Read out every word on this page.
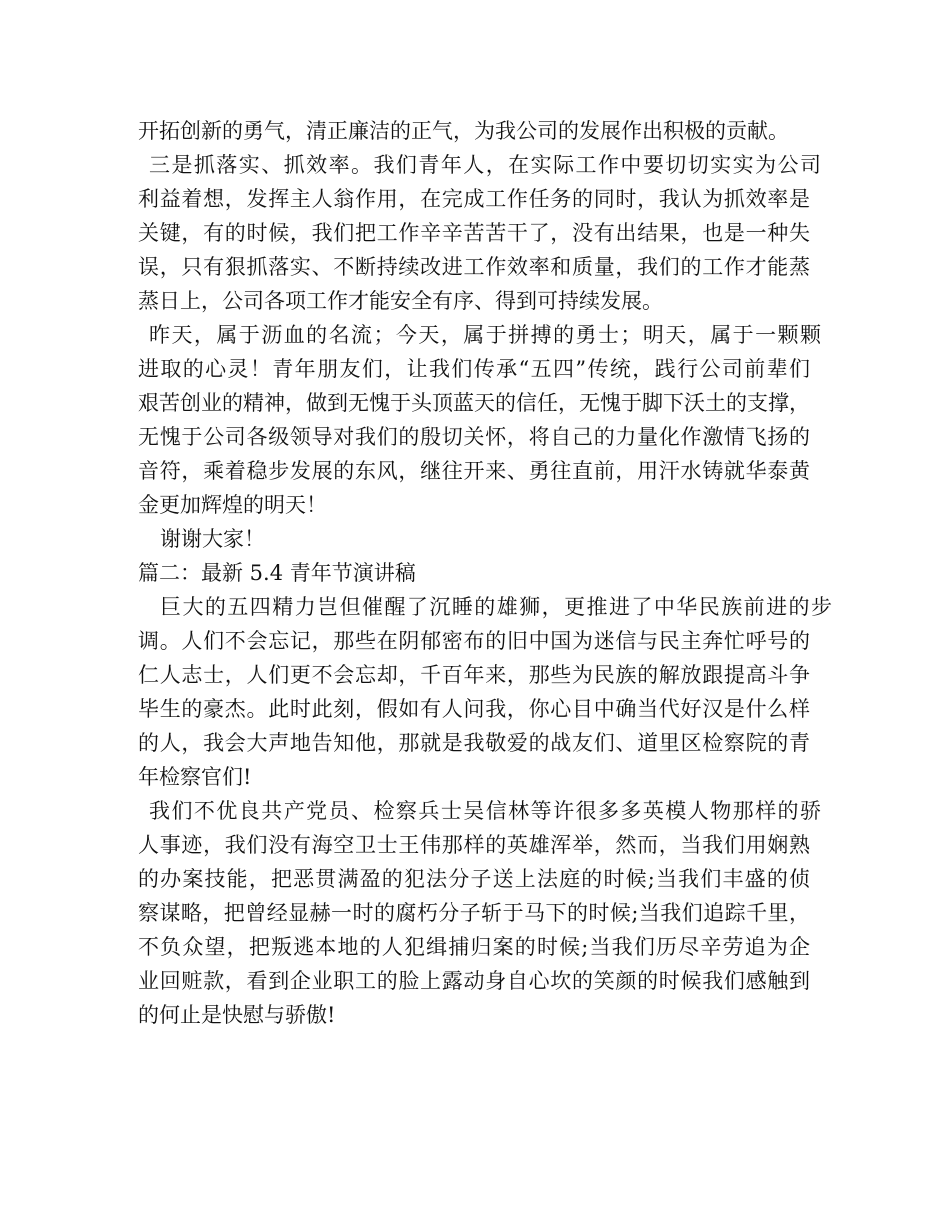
开拓创新的勇气，清正廉洁的正气，为我公司的发展作出积极的贡献。
三是抓落实、抓效率。我们青年人，在实际工作中要切切实实为公司
利益着想，发挥主人翁作用，在完成工作任务的同时，我认为抓效率是
关键，有的时候，我们把工作辛辛苦苦干了，没有出结果，也是一种失
误，只有狠抓落实、不断持续改进工作效率和质量，我们的工作才能蒸
蒸日上，公司各项工作才能安全有序、得到可持续发展。
昨天，属于沥血的名流；今天，属于拼搏的勇士；明天，属于一颗颗
进取的心灵！青年朋友们，让我们传承“五四”传统，践行公司前辈们
艰苦创业的精神，做到无愧于头顶蓝天的信任，无愧于脚下沃土的支撑，
无愧于公司各级领导对我们的殷切关怀，将自己的力量化作激情飞扬的
音符，乘着稳步发展的东风，继往开来、勇往直前，用汗水铸就华泰黄
金更加辉煌的明天！
谢谢大家！
篇二：最新 5.4 青年节演讲稿
巨大的五四精力岂但催醒了沉睡的雄狮，更推进了中华民族前进的步
调。人们不会忘记，那些在阴郁密布的旧中国为迷信与民主奔忙呼号的
仁人志士，人们更不会忘却，千百年来，那些为民族的解放跟提高斗争
毕生的豪杰。此时此刻，假如有人问我，你心目中确当代好汉是什么样
的人，我会大声地告知他，那就是我敬爱的战友们、道里区检察院的青
年检察官们!
我们不优良共产党员、检察兵士吴信林等许很多多英模人物那样的骄
人事迹，我们没有海空卫士王伟那样的英雄浑举，然而，当我们用娴熟
的办案技能，把恶贯满盈的犯法分子送上法庭的时候;当我们丰盛的侦
察谋略，把曾经显赫一时的腐朽分子斩于马下的时候;当我们追踪千里，
不负众望，把叛逃本地的人犯缉捕归案的时候;当我们历尽辛劳追为企
业回赃款，看到企业职工的脸上露动身自心坎的笑颜的时候我们感触到
的何止是快慰与骄傲!
